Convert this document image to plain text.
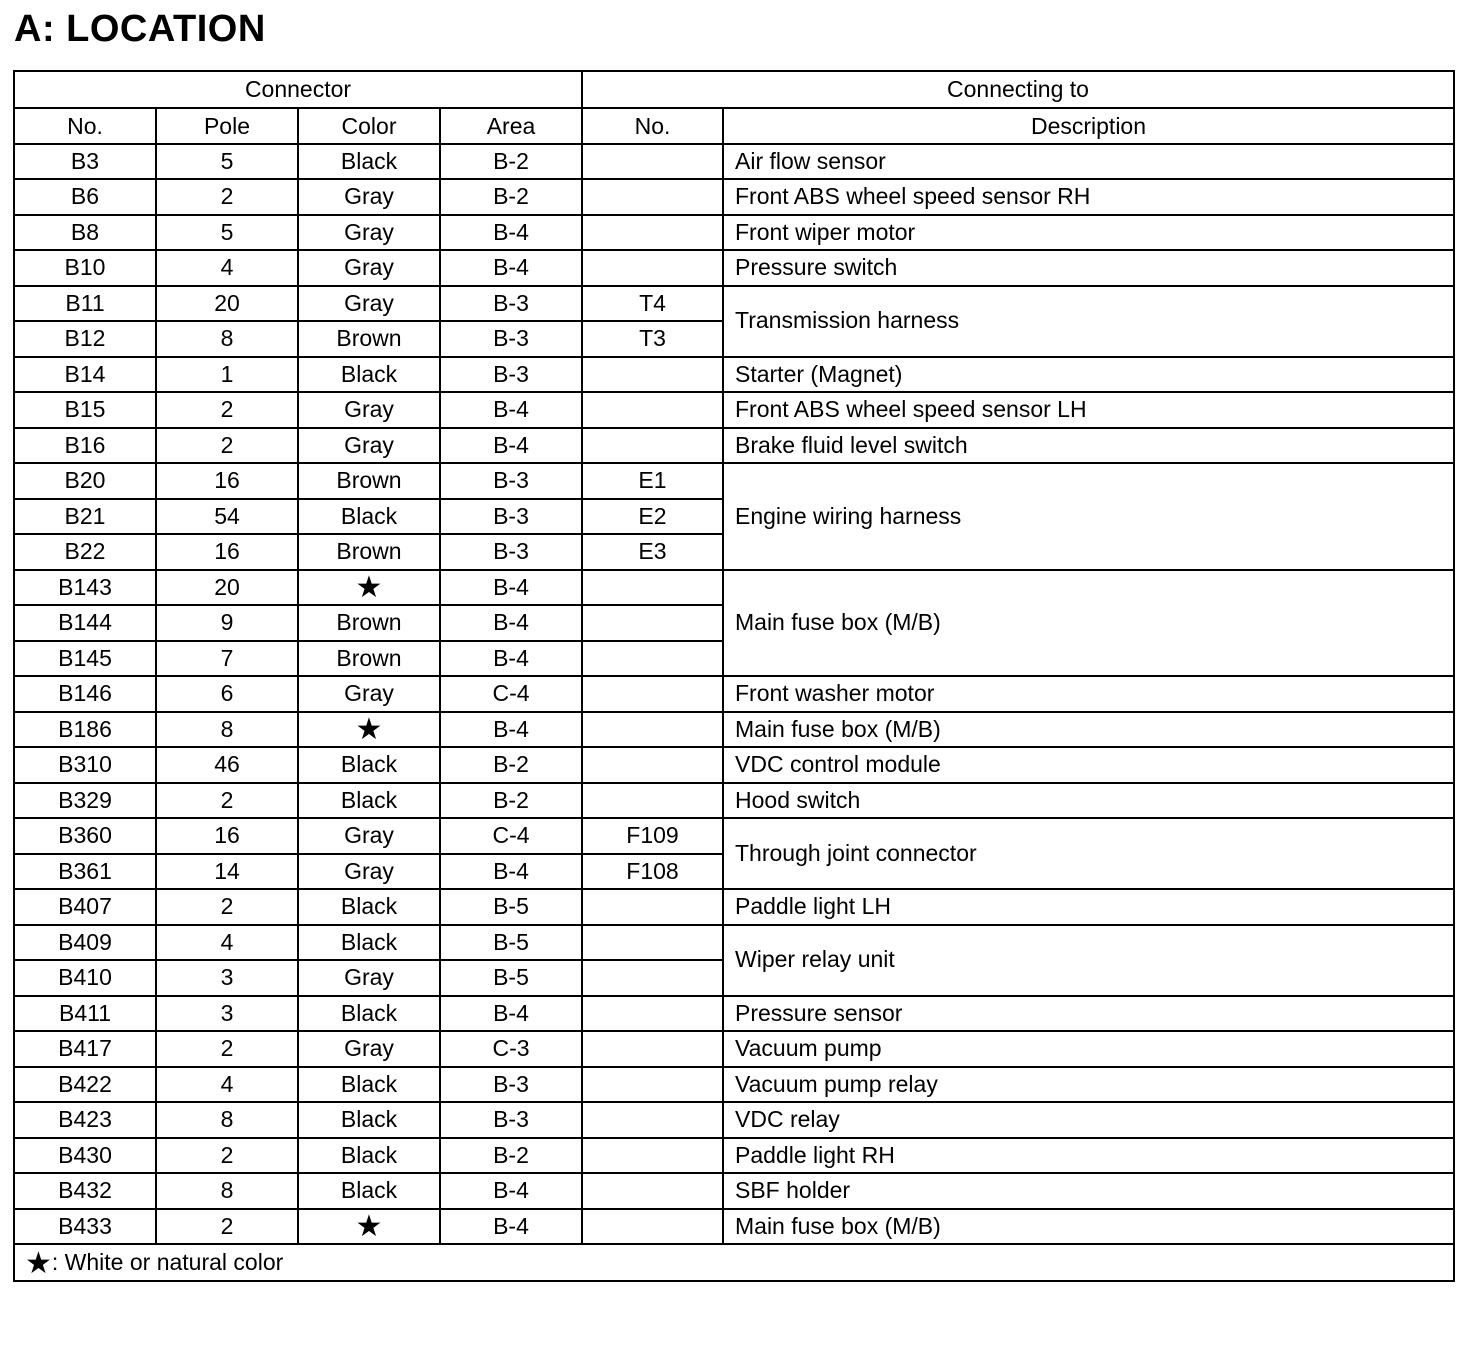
A: LOCATION
Connector				Connecting to	
No.	Pole	Color	Area	No.	Description
B3	5	Black	B-2		Air flow sensor
B6	2	Gray	B-2		Front ABS wheel speed sensor RH
B8	5	Gray	B-4		Front wiper motor
B10	4	Gray	B-4		Pressure switch
B11	20	Gray	B-3	T4	Transmission harness
B12	8	Brown	B-3	T3	
B14	1	Black	B-3		Starter (Magnet)
B15	2	Gray	B-4		Front ABS wheel speed sensor LH
B16	2	Gray	B-4		Brake fluid level switch
B20	16	Brown	B-3	E1	Engine wiring harness
B21	54	Black	B-3	E2	
B22	16	Brown	B-3	E3	
B143	20	★	B-4		Main fuse box (M/B)
B144	9	Brown	B-4		
B145	7	Brown	B-4		
B146	6	Gray	C-4		Front washer motor
B186	8	★	B-4		Main fuse box (M/B)
B310	46	Black	B-2		VDC control module
B329	2	Black	B-2		Hood switch
B360	16	Gray	C-4	F109	Through joint connector
B361	14	Gray	B-4	F108	
B407	2	Black	B-5		Paddle light LH
B409	4	Black	B-5		Wiper relay unit
B410	3	Gray	B-5		
B411	3	Black	B-4		Pressure sensor
B417	2	Gray	C-3		Vacuum pump
B422	4	Black	B-3		Vacuum pump relay
B423	8	Black	B-3		VDC relay
B430	2	Black	B-2		Paddle light RH
B432	8	Black	B-4		SBF holder
B433	2	★	B-4		Main fuse box (M/B)
★: White or natural color					
